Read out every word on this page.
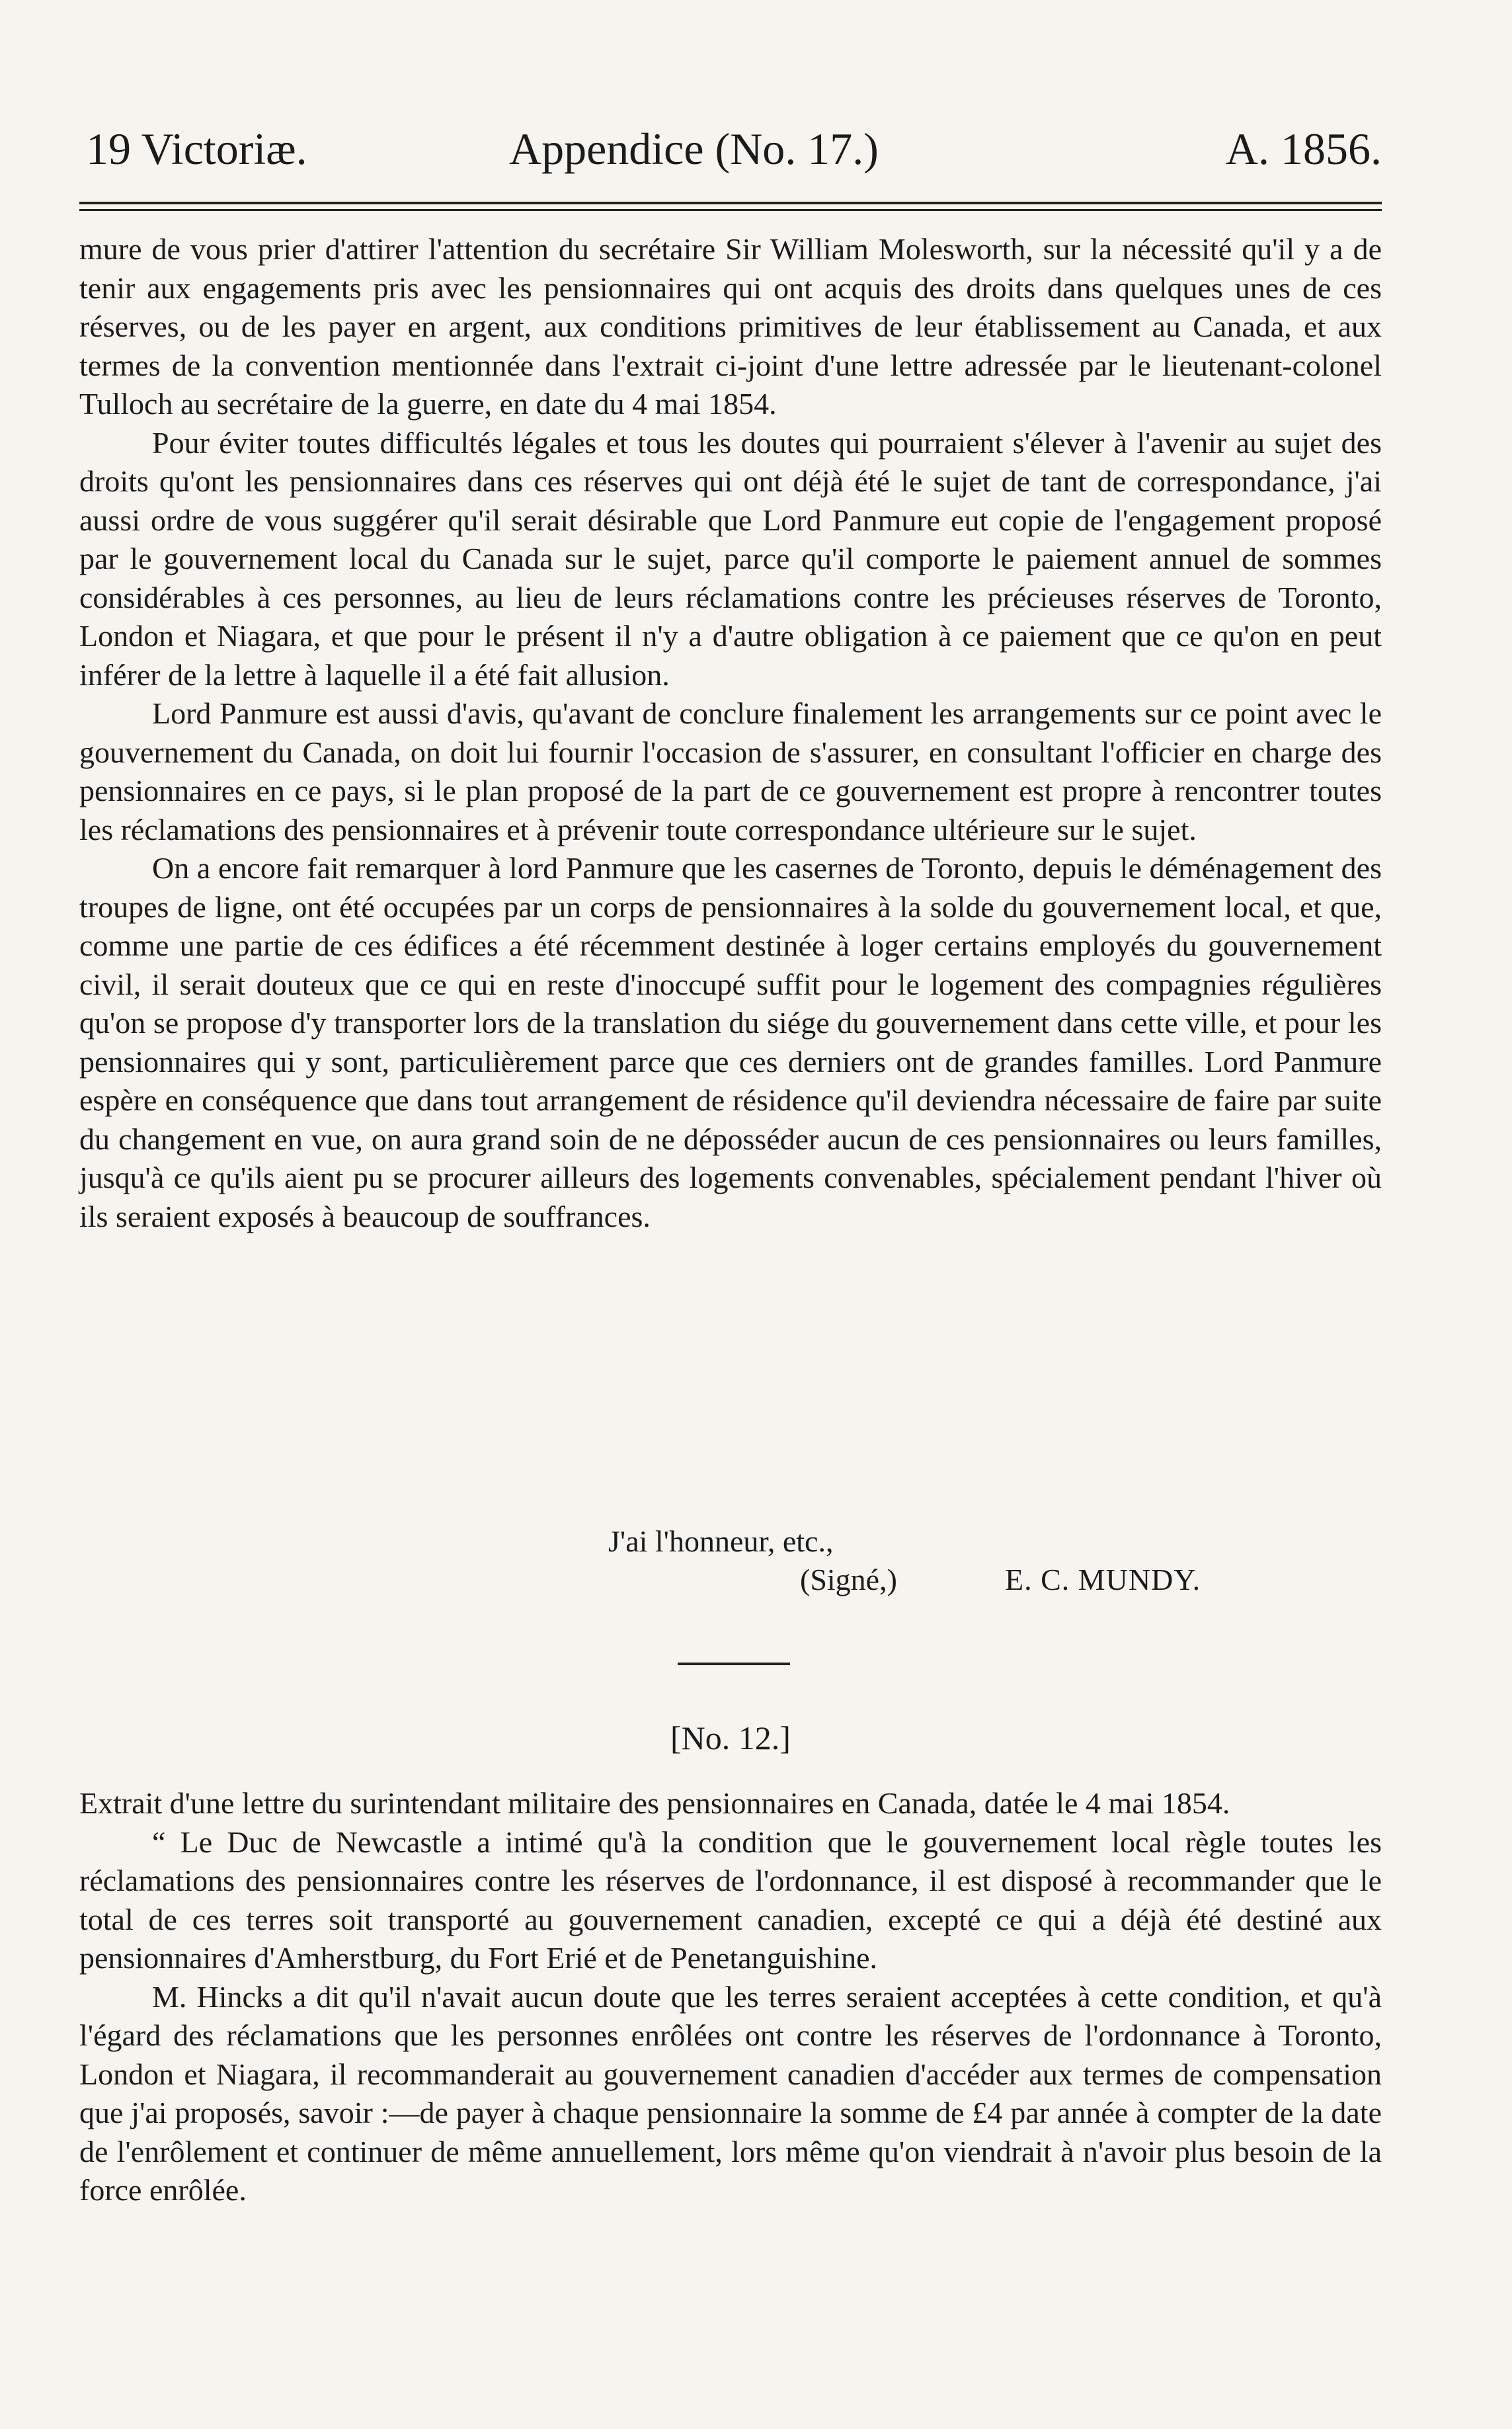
19 Victoriæ.	Appendice (No. 17.)	A. 1856.

mure de vous prier d'attirer l'attention du secrétaire Sir William Molesworth, sur la nécessité qu'il y a de tenir aux engagements pris avec les pensionnaires qui ont acquis des droits dans quelques unes de ces réserves, ou de les payer en argent, aux conditions primitives de leur établissement au Canada, et aux termes de la convention mentionnée dans l'extrait ci-joint d'une lettre adressée par le lieutenant-colonel Tulloch au secrétaire de la guerre, en date du 4 mai 1854.

Pour éviter toutes difficultés légales et tous les doutes qui pourraient s'élever à l'avenir au sujet des droits qu'ont les pensionnaires dans ces réserves qui ont déjà été le sujet de tant de correspondance, j'ai aussi ordre de vous suggérer qu'il serait désirable que Lord Panmure eut copie de l'engagement proposé par le gouvernement local du Canada sur le sujet, parce qu'il comporte le paiement annuel de sommes considérables à ces personnes, au lieu de leurs réclamations contre les précieuses réserves de Toronto, London et Niagara, et que pour le présent il n'y a d'autre obligation à ce paiement que ce qu'on en peut inférer de la lettre à laquelle il a été fait allusion.

Lord Panmure est aussi d'avis, qu'avant de conclure finalement les arrangements sur ce point avec le gouvernement du Canada, on doit lui fournir l'occasion de s'assurer, en consultant l'officier en charge des pensionnaires en ce pays, si le plan proposé de la part de ce gouvernement est propre à rencontrer toutes les réclamations des pensionnaires et à prévenir toute correspondance ultérieure sur le sujet.

On a encore fait remarquer à lord Panmure que les casernes de Toronto, depuis le déménagement des troupes de ligne, ont été occupées par un corps de pensionnaires à la solde du gouvernement local, et que, comme une partie de ces édifices a été récemment destinée à loger certains employés du gouvernement civil, il serait douteux que ce qui en reste d'inoccupé suffit pour le logement des compagnies régulières qu'on se propose d'y transporter lors de la translation du siége du gouvernement dans cette ville, et pour les pensionnaires qui y sont, particulièrement parce que ces derniers ont de grandes familles. Lord Panmure espère en conséquence que dans tout arrangement de résidence qu'il deviendra nécessaire de faire par suite du changement en vue, on aura grand soin de ne déposséder aucun de ces pensionnaires ou leurs familles, jusqu'à ce qu'ils aient pu se procurer ailleurs des logements convenables, spécialement pendant l'hiver où ils seraient exposés à beaucoup de souffrances.

J'ai l'honneur, etc.,
(Signé,)	E. C. MUNDY.
[No. 12.]

Extrait d'une lettre du surintendant militaire des pensionnaires en Canada, datée le 4 mai 1854.

“ Le Duc de Newcastle a intimé qu'à la condition que le gouvernement local règle toutes les réclamations des pensionnaires contre les réserves de l'ordonnance, il est disposé à recommander que le total de ces terres soit transporté au gouvernement canadien, excepté ce qui a déjà été destiné aux pensionnaires d'Amherstburg, du Fort Erié et de Penetanguishine.

M. Hincks a dit qu'il n'avait aucun doute que les terres seraient acceptées à cette condition, et qu'à l'égard des réclamations que les personnes enrôlées ont contre les réserves de l'ordonnance à Toronto, London et Niagara, il recommanderait au gouvernement canadien d'accéder aux termes de compensation que j'ai proposés, savoir :—de payer à chaque pensionnaire la somme de £4 par année à compter de la date de l'enrôlement et continuer de même annuellement, lors même qu'on viendrait à n'avoir plus besoin de la force enrôlée.
